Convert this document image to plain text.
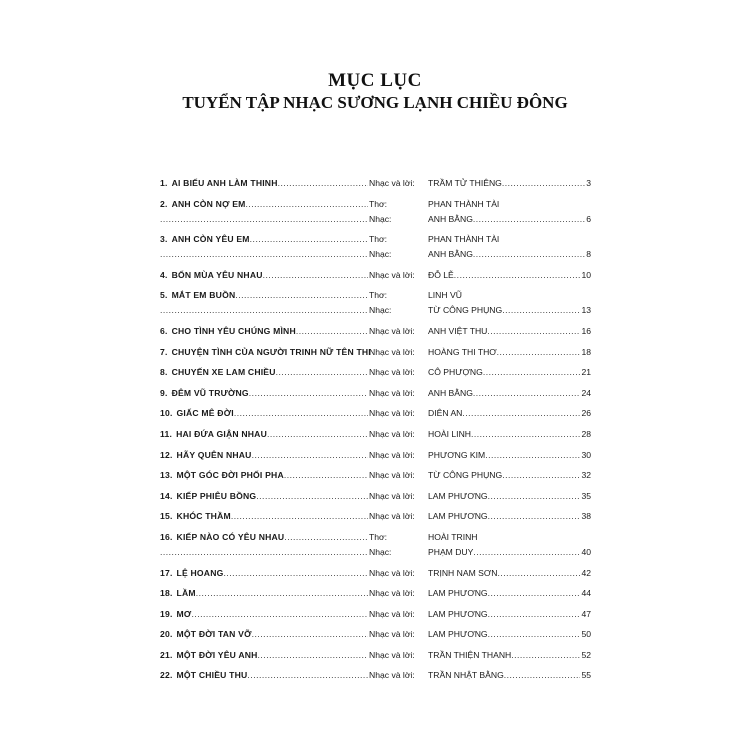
MỤC LỤC
TUYỂN TẬP NHẠC SƯƠNG LẠNH CHIỀU ĐÔNG
1. AI BIẾU ANH LÀM THINH .....	Nhạc và lời:	TRẦM TỬ THIÊNG .....	3
2. ANH CÒN NỢ EM .....	Thơ:	PHAN THÀNH TÀI
.....
Nhạc:	ANH BẰNG .....	6
3. ANH CÒN YÊU EM .....	Thơ:	PHAN THÀNH TÀI
.....
Nhạc:	ANH BẰNG .....	8
4. BỐN MÙA YÊU NHAU .....	Nhạc và lời:	ĐỖ LỄ .....	10
5. MẮT EM BUỒN .....	Thơ:	LINH VŨ
.....
Nhạc:	TỪ CÔNG PHỤNG .....	13
6. CHO TÌNH YÊU CHÚNG MÌNH .....	Nhạc và lời:	ANH VIỆT THU .....	16
7. CHUYỆN TÌNH CỦA NGƯỜI TRINH NỮ TÊN THI
Nhạc và lời:	HOÀNG THI THƠ .....	18
8. CHUYẾN XE LAM CHIỀU .....	Nhạc và lời:	CÔ PHƯỢNG .....	21
9. ĐÊM VŨ TRƯỜNG .....	Nhạc và lời:	ANH BẰNG .....	24
10. GIẤC MÊ ĐỜI .....	Nhạc và lời:	DIÊN AN .....	26
11. HAI ĐỨA GIẬN NHAU .....	Nhạc và lời:	HOÀI LINH .....	28
12. HÃY QUÊN NHAU .....	Nhạc và lời:	PHƯƠNG KIM .....	30
13. MỘT GÓC ĐỜI PHỐI PHA .....	Nhạc và lời:	TỪ CÔNG PHỤNG .....	32
14. KIẾP PHIÊU BỒNG .....	Nhạc và lời:	LAM PHƯƠNG .....	35
15. KHÓC THẦM .....	Nhạc và lời:	LAM PHƯƠNG .....	38
16. KIẾP NÀO CÓ YÊU NHAU .....	Thơ:	HOÀI TRINH
.....
Nhạc:	PHẠM DUY .....	40
17. LỆ HOANG .....	Nhạc và lời:	TRỊNH NAM SƠN .....	42
18. LẦM .....	Nhạc và lời:	LAM PHƯƠNG .....	44
19. MƠ .....	Nhạc và lời:	LAM PHƯƠNG .....	47
20. MỘT ĐỜI TAN VỠ .....	Nhạc và lời:	LAM PHƯƠNG .....	50
21. MỘT ĐỜI YÊU ANH .....	Nhạc và lời:	TRẦN THIỆN THANH .....	52
22. MỘT CHIỀU THU .....	Nhạc và lời:	TRẦN NHẬT BẰNG .....	55
